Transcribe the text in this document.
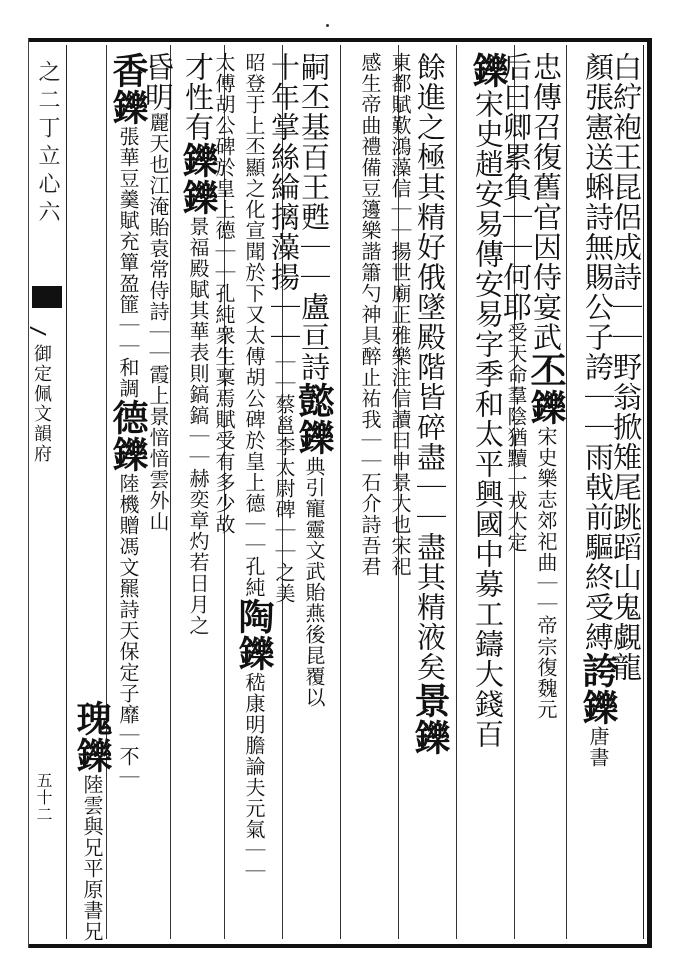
之二丁立心六
御定佩文韻府
五十二
白紵袍王昆侶成詩｜｜野翁掀雉尾跳蹈山鬼覷龍
顏張憲送蝌詩無賜公子誇｜｜雨戟前驅終受縛誇鑠唐書
忠傳召復舊官因侍宴武丕鑠宋史樂志郊祀曲｜｜帝宗復魏元
后曰卿累負｜｜何耶受天命羣陰猶黷一戎大定
鑠宋史趙安易傳安易字季和太平興國中募工鑄大錢百
餘進之極其精好俄墜殿階皆碎盡｜｜盡其精液矣景鑠
東都賦歎鴻藻信｜｜揚世廟正雅樂注信讀曰申景大也宋祀
感生帝曲禮備豆籩樂諧簫勺神具醉止祐我｜｜石介詩吾君
嗣丕基百王甦｜｜盧亘詩懿鑠典引寵靈文武貽燕後昆覆以
十年掌絲綸摛藻揚｜｜｜｜蔡邕李太尉碑｜｜之美
昭登于上丕顯之化宣聞於下又太傅胡公碑於皇上德｜｜孔純陶鑠嵇康明膽論夫元氣｜｜
太傅胡公碑於皇上德｜｜孔純衆生稟焉賦受有多少故
才性有鑠鑠景福殿賦其華表則鎬鎬｜｜赫奕章灼若日月之
昏明麗天也江淹貽袁常侍詩｜｜霞上景愔愔雲外山
香鑠張華豆羹賦充簞盈篚｜｜和調德鑠陸機贈馮文羆詩天保定子靡｜不｜
瑰鑠陸雲與兄平原書兄
